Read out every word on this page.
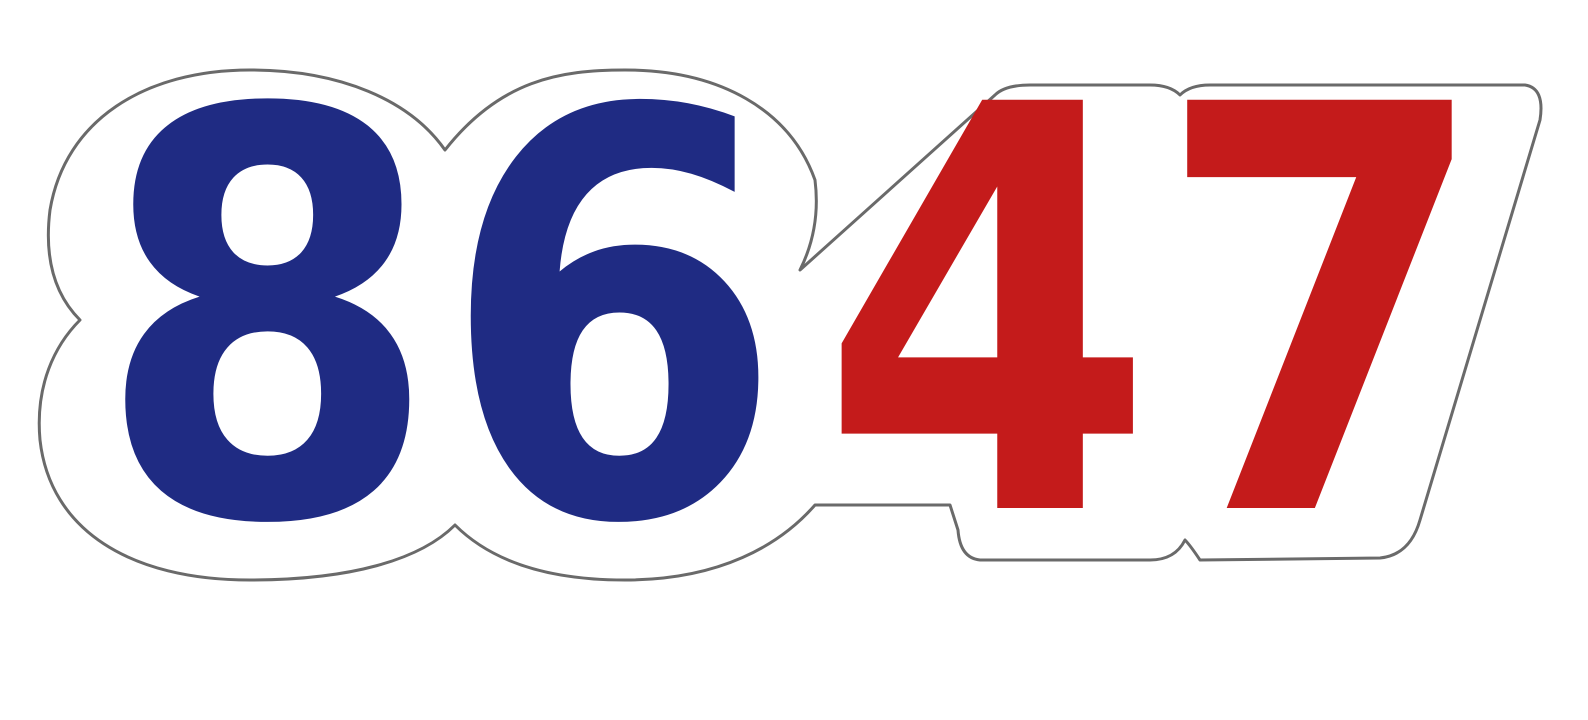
86 47
